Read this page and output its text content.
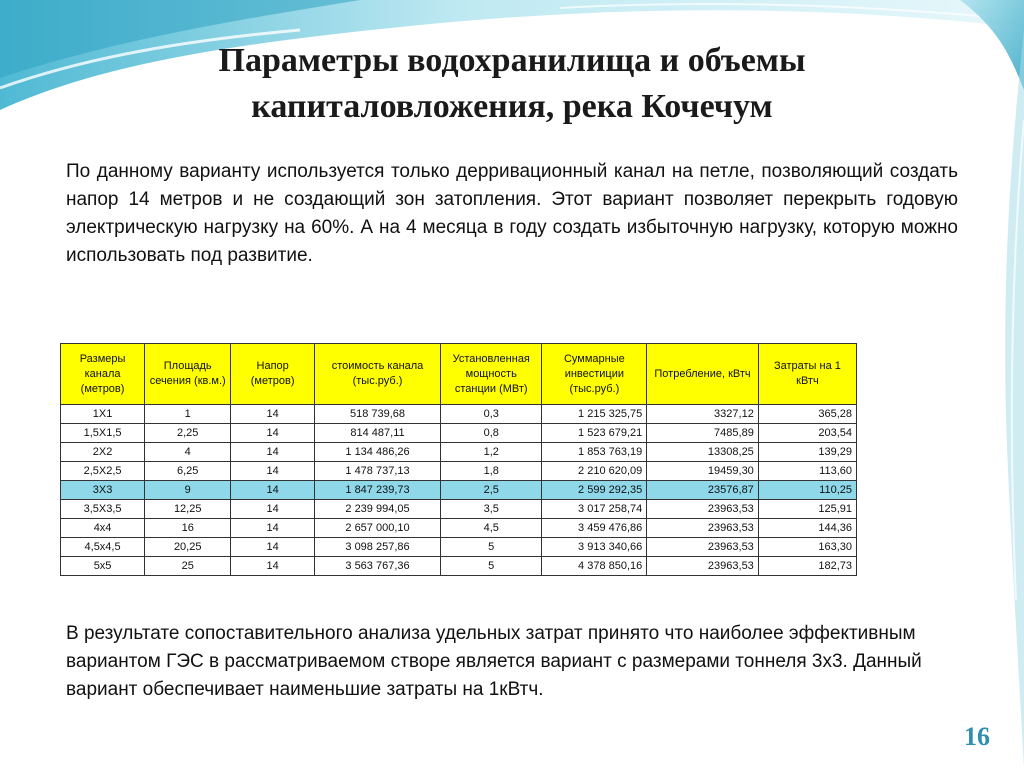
Параметры водохранилища и объемы
капиталовложения, река Кочечум

По данному варианту используется только дерривационный канал на петле, позволяющий создать напор 14 метров и не создающий зон затопления. Этот вариант позволяет перекрыть годовую электрическую нагрузку на 60%. А на 4 месяца в году создать избыточную нагрузку, которую можно использовать под развитие.

Размеры канала (метров)	Площадь сечения (кв.м.)	Напор (метров)	стоимость канала (тыс.руб.)	Установленная мощность станции (МВт)	Суммарные инвестиции (тыс.руб.)	Потребление, кВтч	Затраты на 1 кВтч
1Х1	1	14	518 739,68	0,3	1 215 325,75	3327,12	365,28
1,5Х1,5	2,25	14	814 487,11	0,8	1 523 679,21	7485,89	203,54
2Х2	4	14	1 134 486,26	1,2	1 853 763,19	13308,25	139,29
2,5Х2,5	6,25	14	1 478 737,13	1,8	2 210 620,09	19459,30	113,60
3Х3	9	14	1 847 239,73	2,5	2 599 292,35	23576,87	110,25
3,5Х3,5	12,25	14	2 239 994,05	3,5	3 017 258,74	23963,53	125,91
4х4	16	14	2 657 000,10	4,5	3 459 476,86	23963,53	144,36
4,5х4,5	20,25	14	3 098 257,86	5	3 913 340,66	23963,53	163,30
5х5	25	14	3 563 767,36	5	4 378 850,16	23963,53	182,73

В результате сопоставительного анализа удельных затрат принято что наиболее эффективным вариантом ГЭС в рассматриваемом створе является вариант с размерами тоннеля 3х3. Данный вариант обеспечивает наименьшие затраты на 1кВтч.

16
